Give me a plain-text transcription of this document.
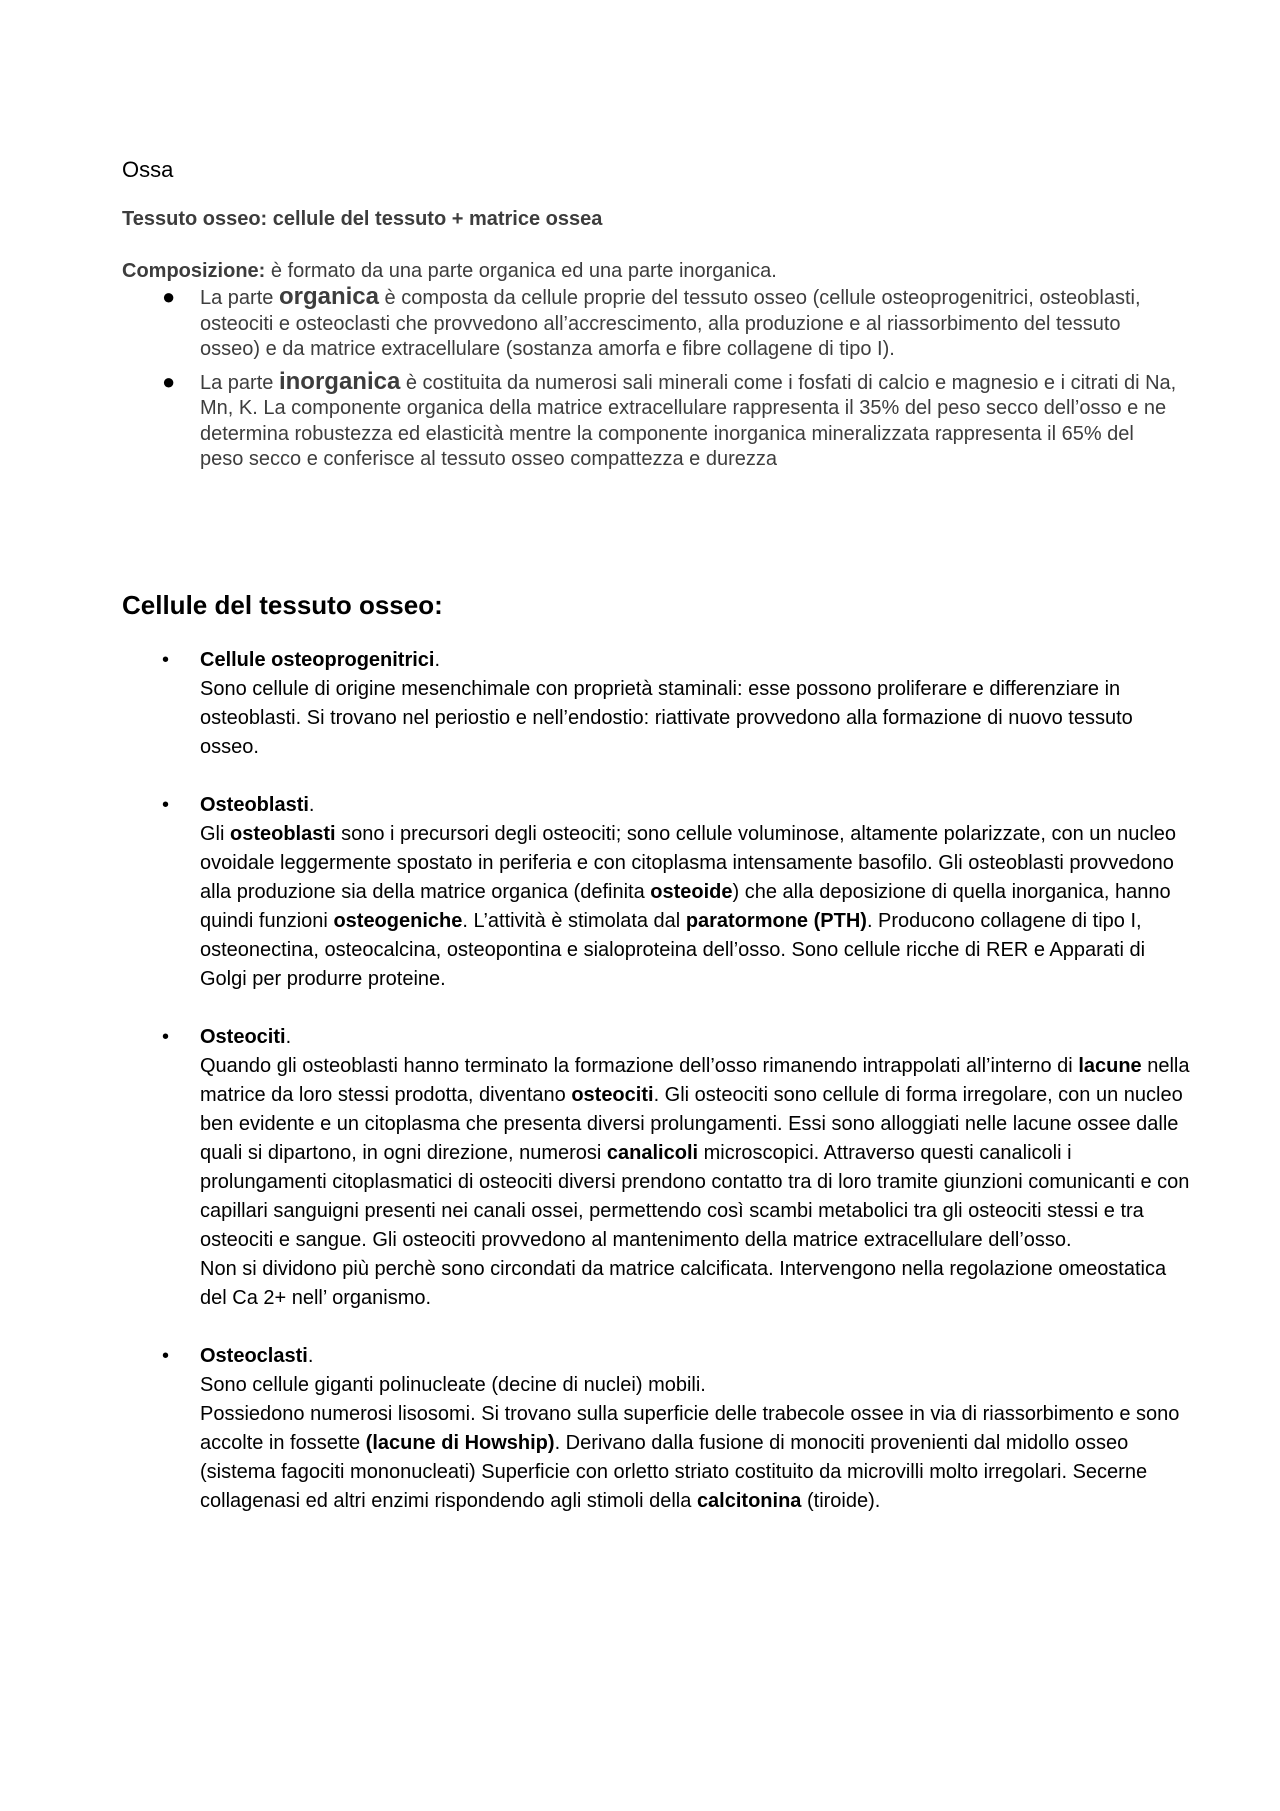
Ossa
Tessuto osseo: cellule del tessuto + matrice ossea
Composizione: è formato da una parte organica ed una parte inorganica.
● La parte organica è composta da cellule proprie del tessuto osseo (cellule osteoprogenitrici, osteoblasti, osteociti e osteoclasti che provvedono all’accrescimento, alla produzione e al riassorbimento del tessuto osseo) e da matrice extracellulare (sostanza amorfa e fibre collagene di tipo I).
● La parte inorganica è costituita da numerosi sali minerali come i fosfati di calcio e magnesio e i citrati di Na, Mn, K. La componente organica della matrice extracellulare rappresenta il 35% del peso secco dell’osso e ne determina robustezza ed elasticità mentre la componente inorganica mineralizzata rappresenta il 65% del peso secco e conferisce al tessuto osseo compattezza e durezza
Cellule del tessuto osseo:
• Cellule osteoprogenitrici.
Sono cellule di origine mesenchimale con proprietà staminali: esse possono proliferare e differenziare in osteoblasti. Si trovano nel periostio e nell’endostio: riattivate provvedono alla formazione di nuovo tessuto osseo.
• Osteoblasti.
Gli osteoblasti sono i precursori degli osteociti; sono cellule voluminose, altamente polarizzate, con un nucleo ovoidale leggermente spostato in periferia e con citoplasma intensamente basofilo. Gli osteoblasti provvedono alla produzione sia della matrice organica (definita osteoide) che alla deposizione di quella inorganica, hanno quindi funzioni osteogeniche. L’attività è stimolata dal paratormone (PTH). Producono collagene di tipo I, osteonectina, osteocalcina, osteopontina e sialoproteina dell’osso. Sono cellule ricche di RER e Apparati di Golgi per produrre proteine.
• Osteociti.
Quando gli osteoblasti hanno terminato la formazione dell’osso rimanendo intrappolati all’interno di lacune nella matrice da loro stessi prodotta, diventano osteociti. Gli osteociti sono cellule di forma irregolare, con un nucleo ben evidente e un citoplasma che presenta diversi prolungamenti. Essi sono alloggiati nelle lacune ossee dalle quali si dipartono, in ogni direzione, numerosi canalicoli microscopici. Attraverso questi canalicoli i prolungamenti citoplasmatici di osteociti diversi prendono contatto tra di loro tramite giunzioni comunicanti e con capillari sanguigni presenti nei canali ossei, permettendo così scambi metabolici tra gli osteociti stessi e tra osteociti e sangue. Gli osteociti provvedono al mantenimento della matrice extracellulare dell’osso.
Non si dividono più perchè sono circondati da matrice calcificata. Intervengono nella regolazione omeostatica del Ca 2+ nell’ organismo.
• Osteoclasti.
Sono cellule giganti polinucleate (decine di nuclei) mobili.
Possiedono numerosi lisosomi. Si trovano sulla superficie delle trabecole ossee in via di riassorbimento e sono accolte in fossette (lacune di Howship). Derivano dalla fusione di monociti provenienti dal midollo osseo (sistema fagociti mononucleati) Superficie con orletto striato costituito da microvilli molto irregolari. Secerne collagenasi ed altri enzimi rispondendo agli stimoli della calcitonina (tiroide).
